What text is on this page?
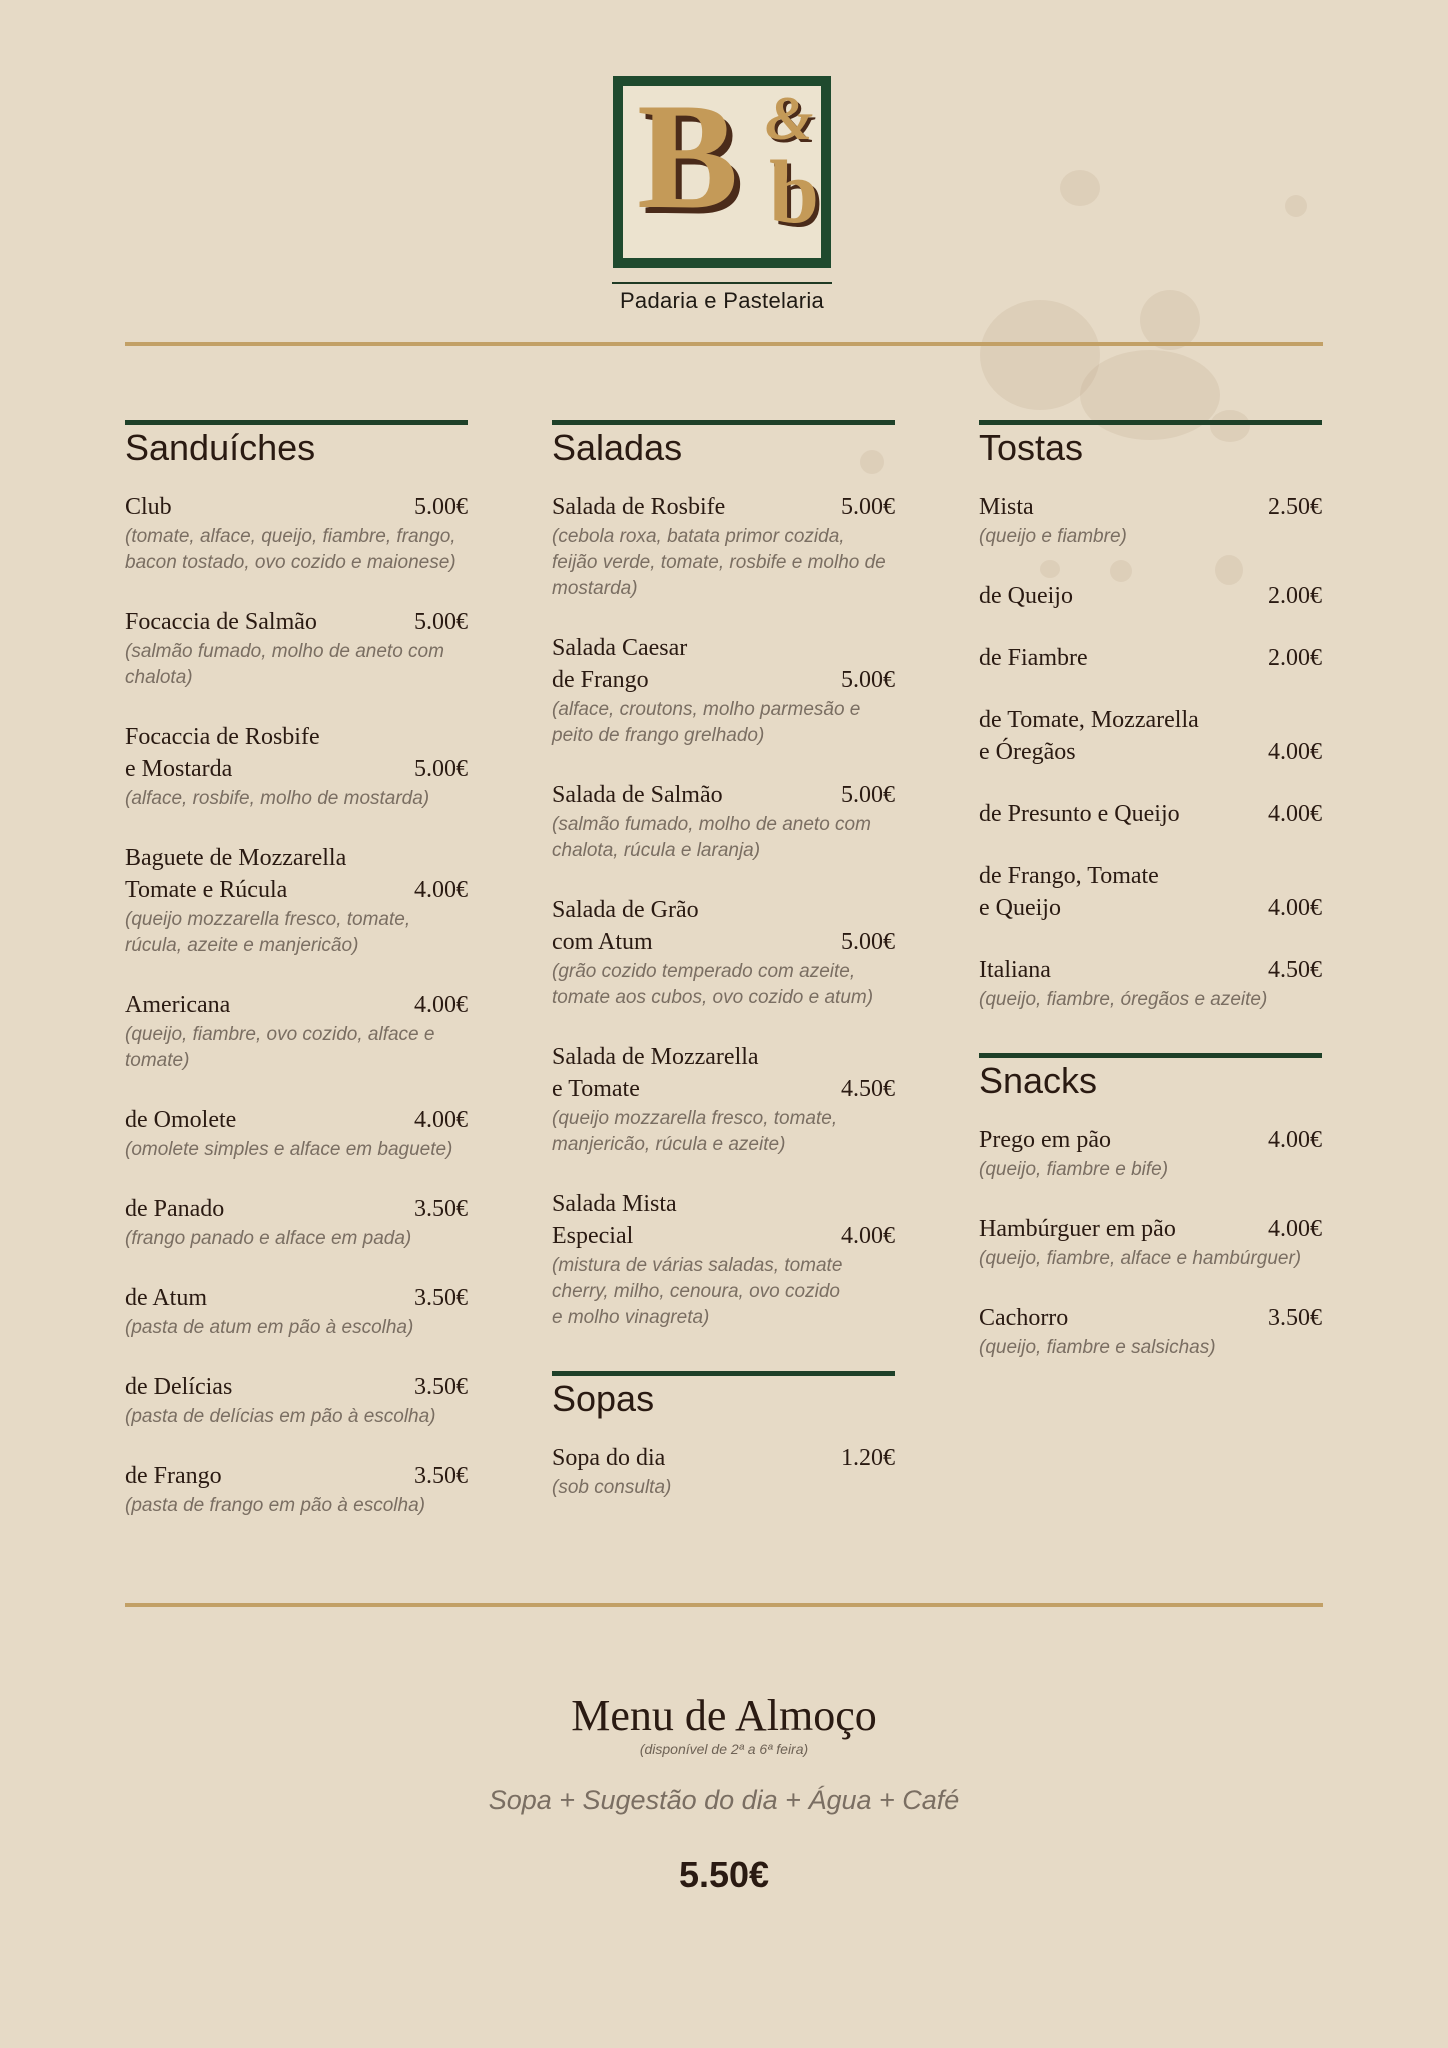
B &
b
Padaria e Pastelaria
Sanduíches
Club	5.00€
(tomate, alface, queijo, fiambre, frango,
bacon tostado, ovo cozido e maionese)
Focaccia de Salmão	5.00€
(salmão fumado, molho de aneto com
chalota)
Focaccia de Rosbife
e Mostarda	5.00€
(alface, rosbife, molho de mostarda)
Baguete de Mozzarella
Tomate e Rúcula	4.00€
(queijo mozzarella fresco, tomate,
rúcula, azeite e manjericão)
Americana	4.00€
(queijo, fiambre, ovo cozido, alface e
tomate)
de Omolete	4.00€
(omolete simples e alface em baguete)
de Panado	3.50€
(frango panado e alface em pada)
de Atum	3.50€
(pasta de atum em pão à escolha)
de Delícias	3.50€
(pasta de delícias em pão à escolha)
de Frango	3.50€
(pasta de frango em pão à escolha)
Saladas
Salada de Rosbife	5.00€
(cebola roxa, batata primor cozida,
feijão verde, tomate, rosbife e molho de
mostarda)
Salada Caesar
de Frango	5.00€
(alface, croutons, molho parmesão e
peito de frango grelhado)
Salada de Salmão	5.00€
(salmão fumado, molho de aneto com
chalota, rúcula e laranja)
Salada de Grão
com Atum	5.00€
(grão cozido temperado com azeite,
tomate aos cubos, ovo cozido e atum)
Salada de Mozzarella
e Tomate	4.50€
(queijo mozzarella fresco, tomate,
manjericão, rúcula e azeite)
Salada Mista
Especial	4.00€
(mistura de várias saladas, tomate
cherry, milho, cenoura, ovo cozido
e molho vinagreta)
Sopas
Sopa do dia	1.20€
(sob consulta)
Tostas
Mista	2.50€
(queijo e fiambre)
de Queijo	2.00€
de Fiambre	2.00€
de Tomate, Mozzarella
e Óregãos	4.00€
de Presunto e Queijo	4.00€
de Frango, Tomate
e Queijo	4.00€
Italiana	4.50€
(queijo, fiambre, óregãos e azeite)
Snacks
Prego em pão	4.00€
(queijo, fiambre e bife)
Hambúrguer em pão	4.00€
(queijo, fiambre, alface e hambúrguer)
Cachorro	3.50€
(queijo, fiambre e salsichas)
Menu de Almoço
(disponível de 2ª a 6ª feira)
Sopa + Sugestão do dia + Água + Café
5.50€
